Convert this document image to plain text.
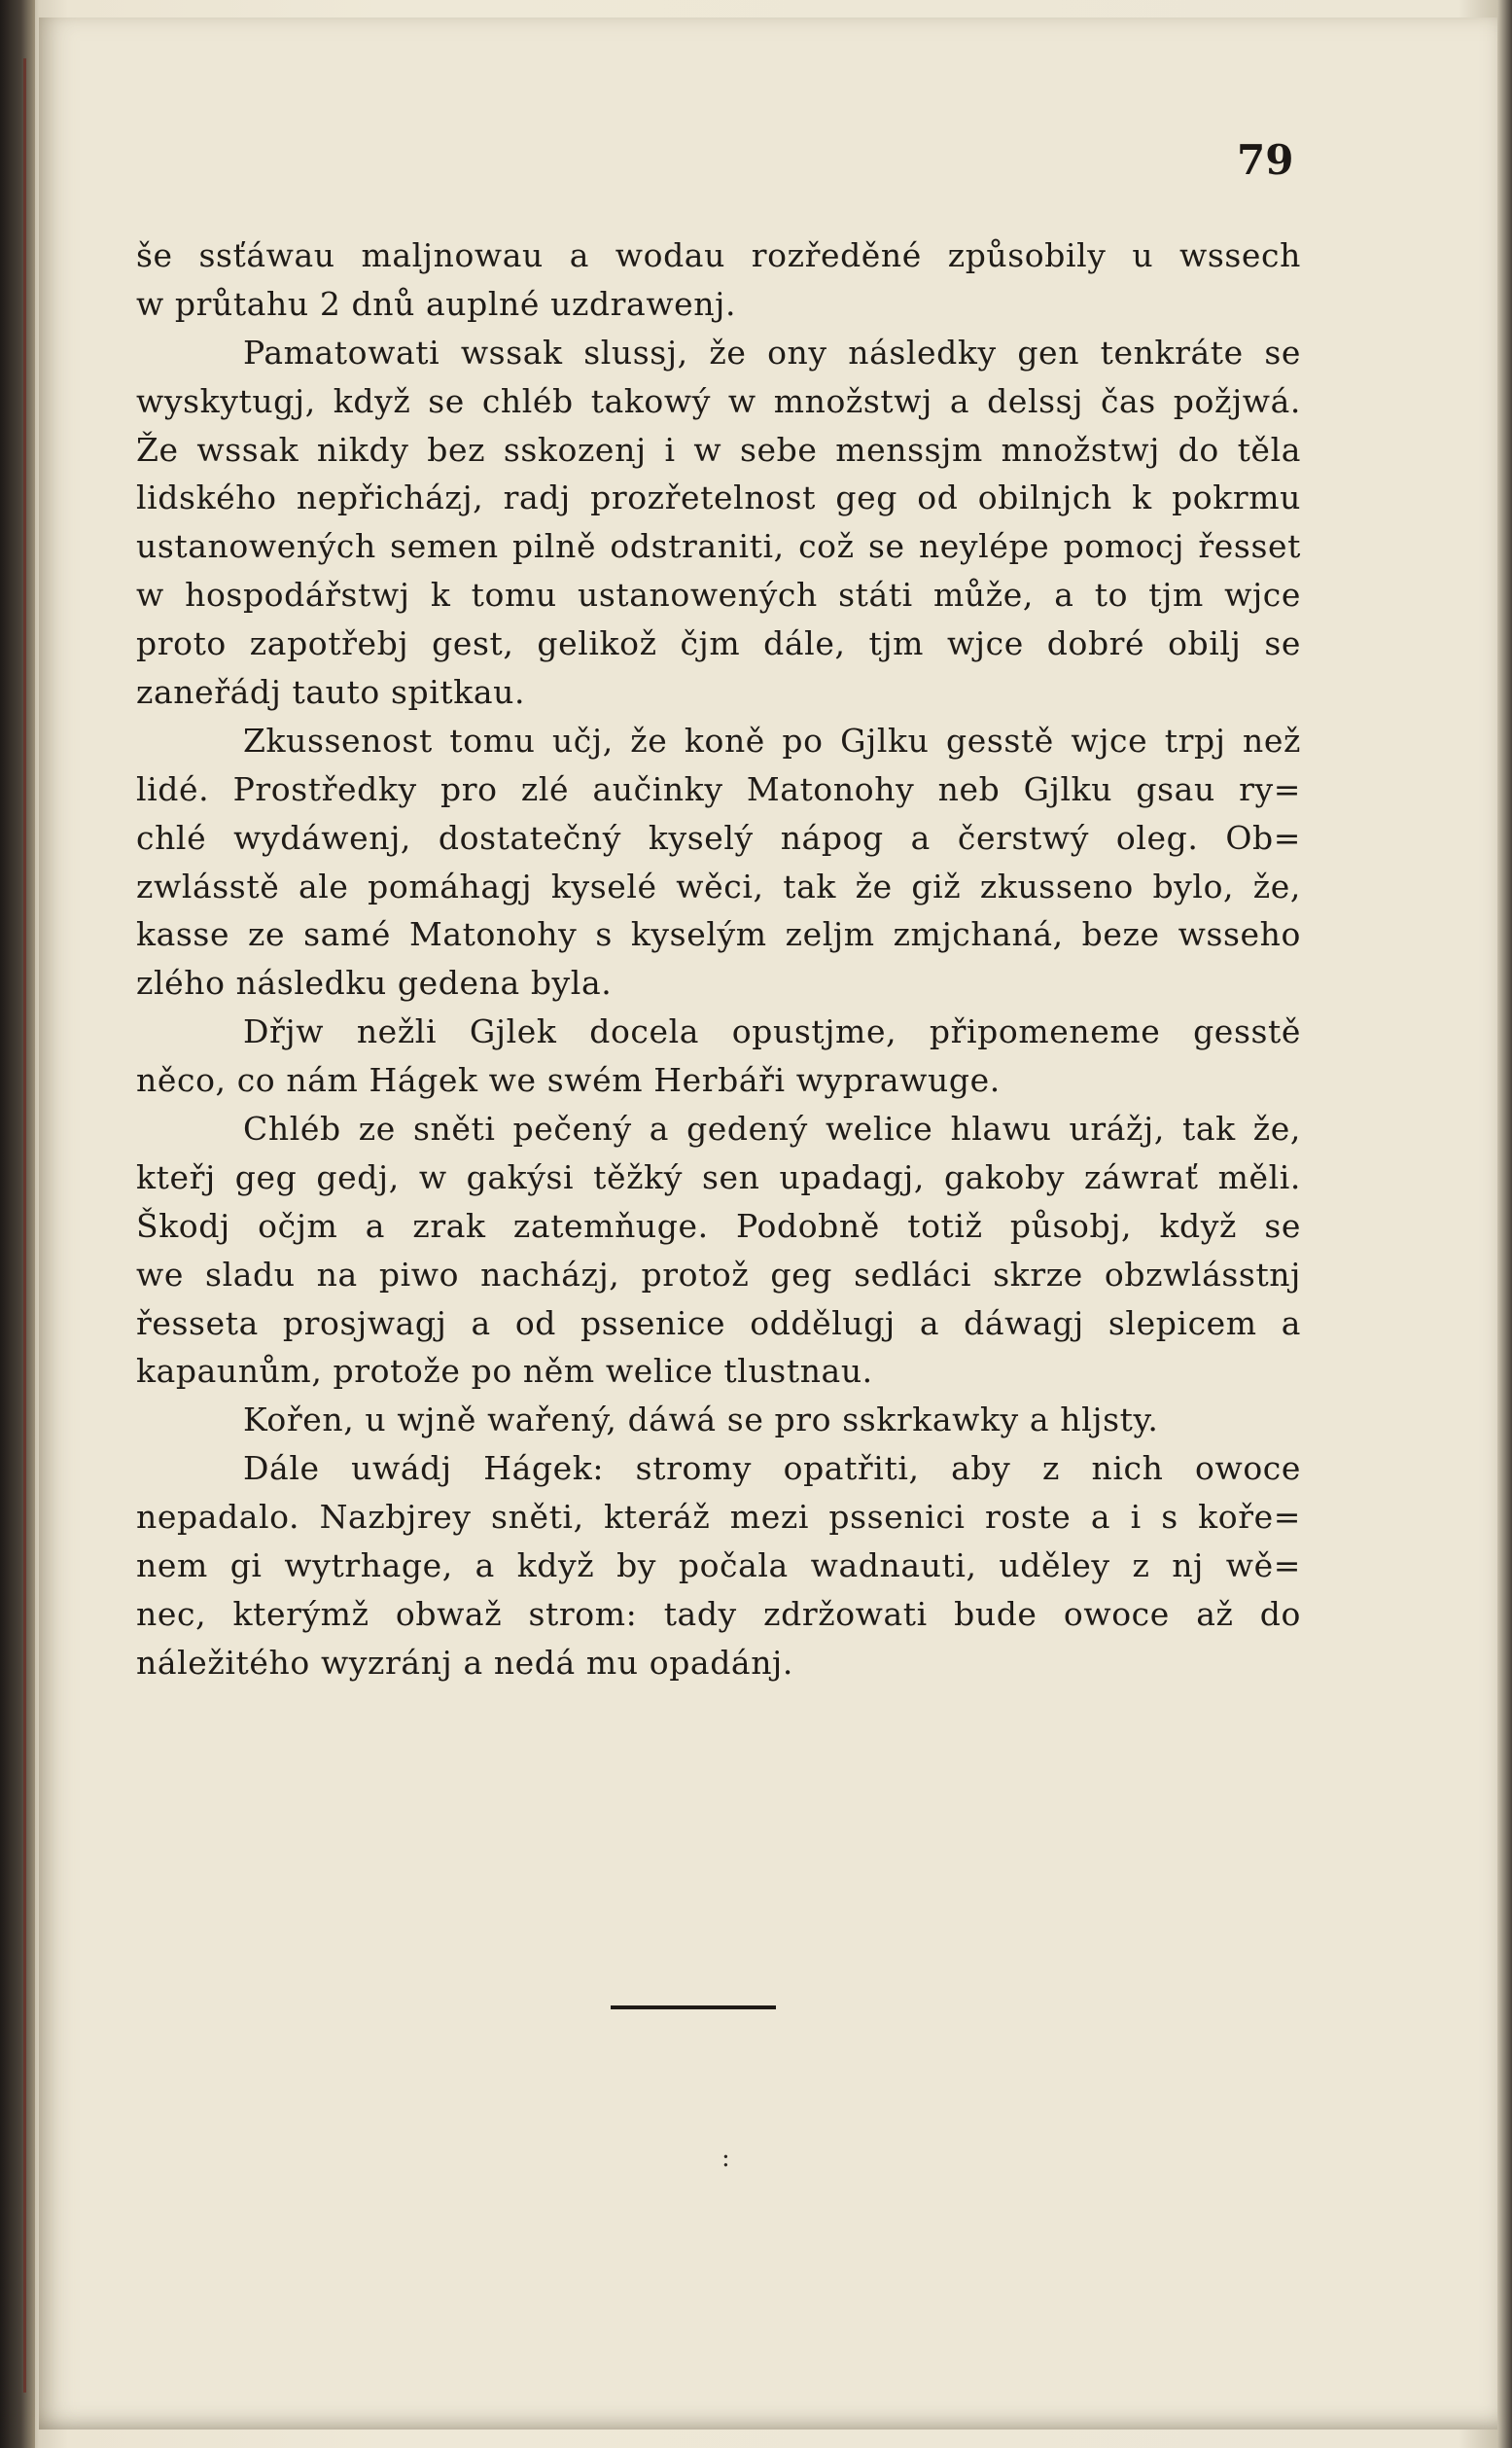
79
še ssťáwau maljnowau a wodau rozředěné způsobily u wssech
w průtahu 2 dnů auplné uzdrawenj.
Pamatowati wssak slussj, že ony následky gen tenkráte se
wyskytugj, když se chléb takowý w množstwj a delssj čas požjwá.
Že wssak nikdy bez sskozenj i w sebe menssjm množstwj do těla
lidského nepřicházj, radj prozřetelnost geg od obilnjch k pokrmu
ustanowených semen pilně odstraniti, což se neylépe pomocj řesset
w hospodářstwj k tomu ustanowených státi může, a to tjm wjce
proto zapotřebj gest, gelikož čjm dále, tjm wjce dobré obilj se
zaneřádj tauto spitkau.
Zkussenost tomu učj, že koně po Gjlku gesstě wjce trpj než
lidé. Prostředky pro zlé aučinky Matonohy neb Gjlku gsau ry=
chlé wydáwenj, dostatečný kyselý nápog a čerstwý oleg. Ob=
zwlásstě ale pomáhagj kyselé wěci, tak že giž zkusseno bylo, že,
kasse ze samé Matonohy s kyselým zeljm zmjchaná, beze wsseho
zlého následku gedena byla.
Dřjw nežli Gjlek docela opustjme, připomeneme gesstě
něco, co nám Hágek we swém Herbáři wyprawuge.
Chléb ze sněti pečený a gedený welice hlawu urážj, tak že,
kteřj geg gedj, w gakýsi těžký sen upadagj, gakoby záwrať měli.
Škodj očjm a zrak zatemňuge. Podobně totiž působj, když se
we sladu na piwo nacházj, protož geg sedláci skrze obzwlásstnj
řesseta prosjwagj a od pssenice oddělugj a dáwagj slepicem a
kapaunům, protože po něm welice tlustnau.
Kořen, u wjně wařený, dáwá se pro sskrkawky a hljsty.
Dále uwádj Hágek: stromy opatřiti, aby z nich owoce
nepadalo. Nazbjrey sněti, kteráž mezi pssenici roste a i s koře=
nem gi wytrhage, a když by počala wadnauti, uděley z nj wě=
nec, kterýmž obwaž strom: tady zdržowati bude owoce až do
náležitého wyzránj a nedá mu opadánj.
:
